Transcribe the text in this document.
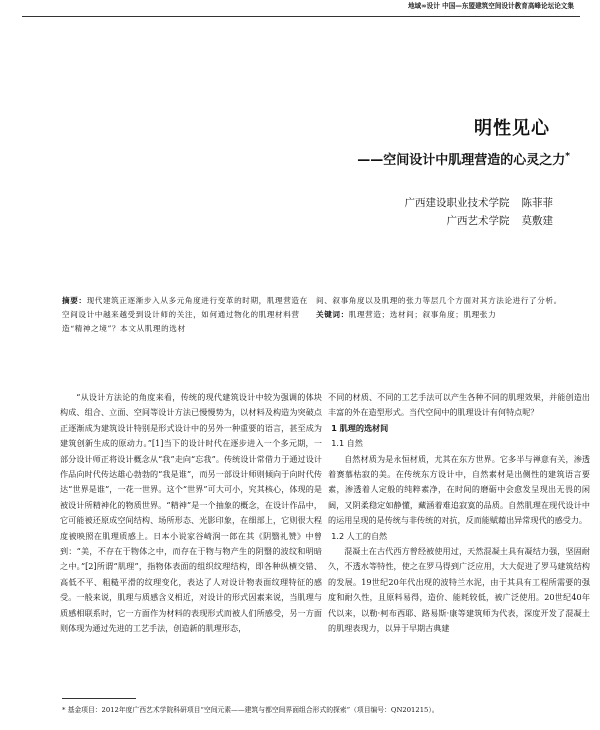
地域∞设计 中国—东盟建筑空间设计教育高峰论坛论文集
明性见心
——空间设计中肌理营造的心灵之力*
广西建设职业技术学院 陈菲菲
广西艺术学院 莫敷建
摘要：现代建筑正逐渐步入从多元角度进行变革的时期，肌理营造在空间设计中越来越受到设计师的关注，如何通过物化的肌理材料营造“精神之境”？本文从肌理的选材
间、叙事角度以及肌理的张力等层几个方面对其方法论进行了分析。
关键词：肌理营造；选材间；叙事角度；肌理张力

“从设计方法论的角度来看，传统的现代建筑设计中较为强调的体块构成、组合、立面、空间等设计方法已慢慢势为，以材料及构造为突破点正逐渐成为建筑设计特别是形式设计中的另外一种重要的语言，甚至成为建筑创新生成的原动力。”[1]当下的设计时代在逐步进入一个多元期，一部分设计师正将设计概念从“我”走向“忘我”。传统设计常借力于通过设计作品向时代传达雄心勃勃的“我是谁”，而另一部设计师则倾向于向时代传达“世界是谁”，一花一世界。这个“世界”可大可小，究其核心，体现的是被设计所精神化的物质世界。“精神”是一个抽象的概念，在设计作品中，它可能被还原成空间结构、场所形态、光影印象，在细部上，它则很大程度被映照在肌理质感上。日本小说家谷崎润一郎在其《阴翳礼赞》中曾到：“美，不存在于物体之中，而存在于物与物产生的阴翳的波纹和明暗之中。”[2]所谓“肌理”，指物体表面的组织纹理结构，即各种纵横交错、高低不平、粗糙平滑的纹理变化，表达了人对设计物表面纹理特征的感受。一般来说，肌理与质感含义相近，对设计的形式因素来说，当肌理与质感相联系时，它一方面作为材料的表现形式而被人们所感受，另一方面则体现为通过先进的工艺手法，创造新的肌理形态，

不同的材质、不同的工艺手法可以产生各种不同的肌理效果，并能创造出丰富的外在造型形式。当代空间中的肌理设计有何特点呢？

1 肌理的选材间

1.1 自然

自然材质为是永恒材质，尤其在东方世界。它多半与禅意有关，渗透着赛慕枯寂的美。在传统东方设计中，自然素材是出侧性的建筑语言要素，渗透着人定般的纯粹素净，在时间的磨砺中会愈发呈现出无畏的闲阔，又阴柔稳定如静懂，藏涵着难追寂寞的品质。自然肌理在现代设计中的运用呈现的是传统与非传统的对抗，反而能赋藉出异常现代的感受力。

1.2 人工的自然

混凝土在古代西方曾经被使用过，天然混凝土具有凝结力强，坚固耐久，不透水等特性，使之在罗马得到广泛应用，大大促进了罗马建筑结构的发展。19世纪20年代出现的波特兰水泥，由于其具有工程所需要的强度和耐久性，且原料易得，造价、能耗较低，被广泛使用。20世纪40年代以来，以勒·柯布西耶、路易斯·康等建筑师为代表，深度开发了混凝土的肌理表现力，以异于早期古典建

* 基金项目：2012年度广西艺术学院科研项目“空间元素——建筑与都空间界面组合形式的探索”（项目编号：QN201215）。
